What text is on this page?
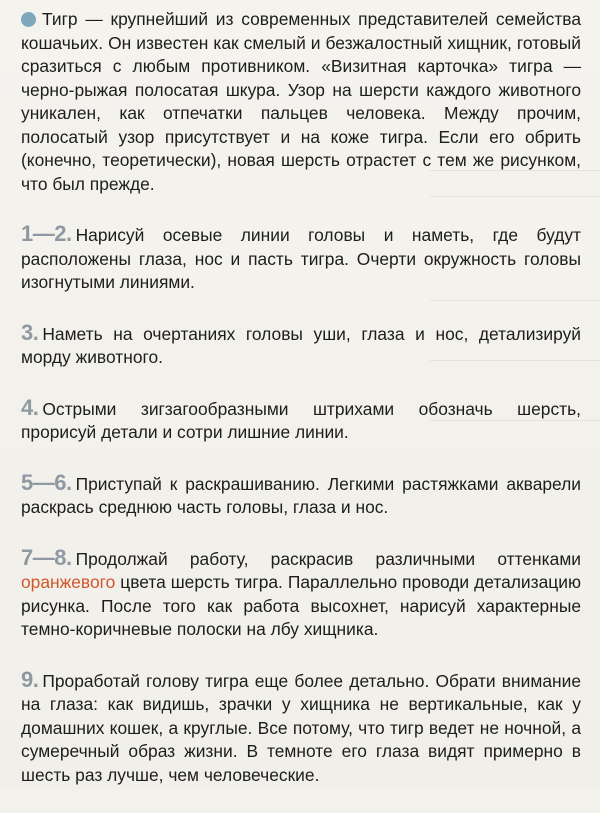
Тигр — крупнейший из современных представителей семейства кошачьих. Он известен как смелый и безжалостный хищник, готовый сразиться с любым противником. «Визитная карточка» тигра — черно-рыжая полосатая шкура. Узор на шерсти каждого животного уникален, как отпечатки пальцев человека. Между прочим, полосатый узор присутствует и на коже тигра. Если его обрить (конечно, теоретически), новая шерсть отрастет с тем же рисунком, что был прежде.

1—2. Нарисуй осевые линии головы и наметь, где будут расположены глаза, нос и пасть тигра. Очерти окружность головы изогнутыми линиями.

3. Наметь на очертаниях головы уши, глаза и нос, детализируй морду животного.

4. Острыми зигзагообразными штрихами обозначь шерсть, прорисуй детали и сотри лишние линии.

5—6. Приступай к раскрашиванию. Легкими растяжками акварели раскрась среднюю часть головы, глаза и нос.

7—8. Продолжай работу, раскрасив различными оттенками оранжевого цвета шерсть тигра. Параллельно проводи детализацию рисунка. После того как работа высохнет, нарисуй характерные темно-коричневые полоски на лбу хищника.

9. Проработай голову тигра еще более детально. Обрати внимание на глаза: как видишь, зрачки у хищника не вертикальные, как у домашних кошек, а круглые. Все потому, что тигр ведет не ночной, а сумеречный образ жизни. В темноте его глаза видят примерно в шесть раз лучше, чем человеческие.
